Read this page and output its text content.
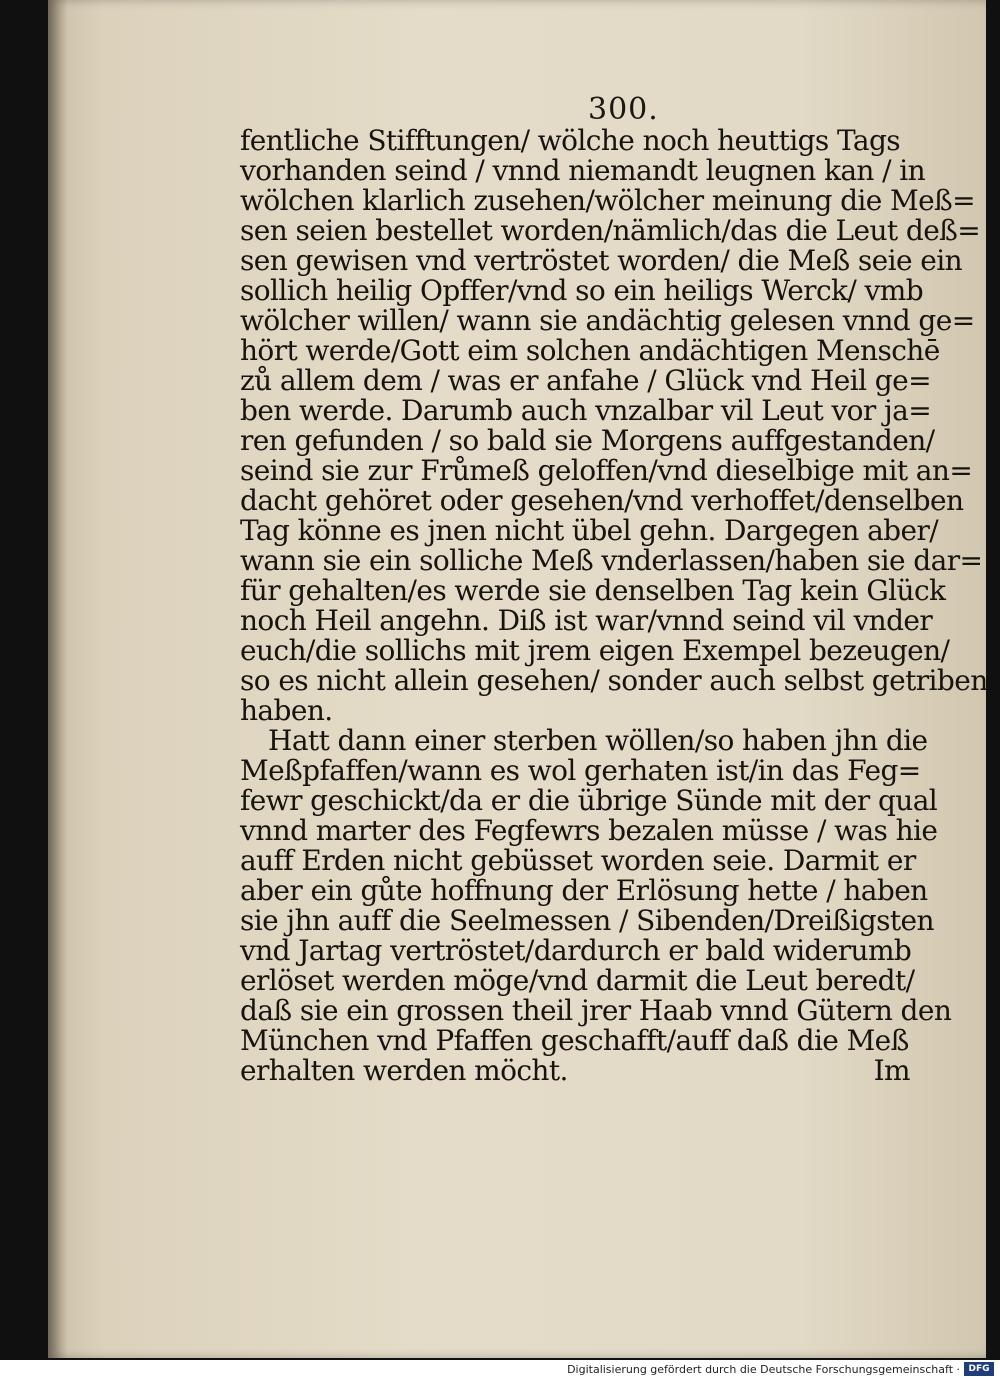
300.
fentliche Stifftungen/ wölche noch heuttigs Tags
vorhanden seind / vnnd niemandt leugnen kan / in
wölchen klarlich zusehen/wölcher meinung die Meß=
sen seien bestellet worden/nämlich/das die Leut deß=
sen gewisen vnd vertröstet worden/ die Meß seie ein
sollich heilig Opffer/vnd so ein heiligs Werck/ vmb
wölcher willen/ wann sie andächtig gelesen vnnd ge=
hört werde/Gott eim solchen andächtigen Menschē
zů allem dem / was er anfahe / Glück vnd Heil ge=
ben werde. Darumb auch vnzalbar vil Leut vor ja=
ren gefunden / so bald sie Morgens auffgestanden/
seind sie zur Frůmeß geloffen/vnd dieselbige mit an=
dacht gehöret oder gesehen/vnd verhoffet/denselben
Tag könne es jnen nicht übel gehn. Dargegen aber/
wann sie ein solliche Meß vnderlassen/haben sie dar=
für gehalten/es werde sie denselben Tag kein Glück
noch Heil angehn. Diß ist war/vnnd seind vil vnder
euch/die sollichs mit jrem eigen Exempel bezeugen/
so es nicht allein gesehen/ sonder auch selbst getriben
haben.
Hatt dann einer sterben wöllen/so haben jhn die
Meßpfaffen/wann es wol gerhaten ist/in das Feg=
fewr geschickt/da er die übrige Sünde mit der qual
vnnd marter des Fegfewrs bezalen müsse / was hie
auff Erden nicht gebüsset worden seie. Darmit er
aber ein gůte hoffnung der Erlösung hette / haben
sie jhn auff die Seelmessen / Sibenden/Dreißigsten
vnd Jartag vertröstet/dardurch er bald widerumb
erlöset werden möge/vnd darmit die Leut beredt/
daß sie ein grossen theil jrer Haab vnnd Gütern den
München vnd Pfaffen geschafft/auff daß die Meß
erhalten werden möcht.	Im
Digitalisierung gefördert durch die Deutsche Forschungsgemeinschaft · DFG
